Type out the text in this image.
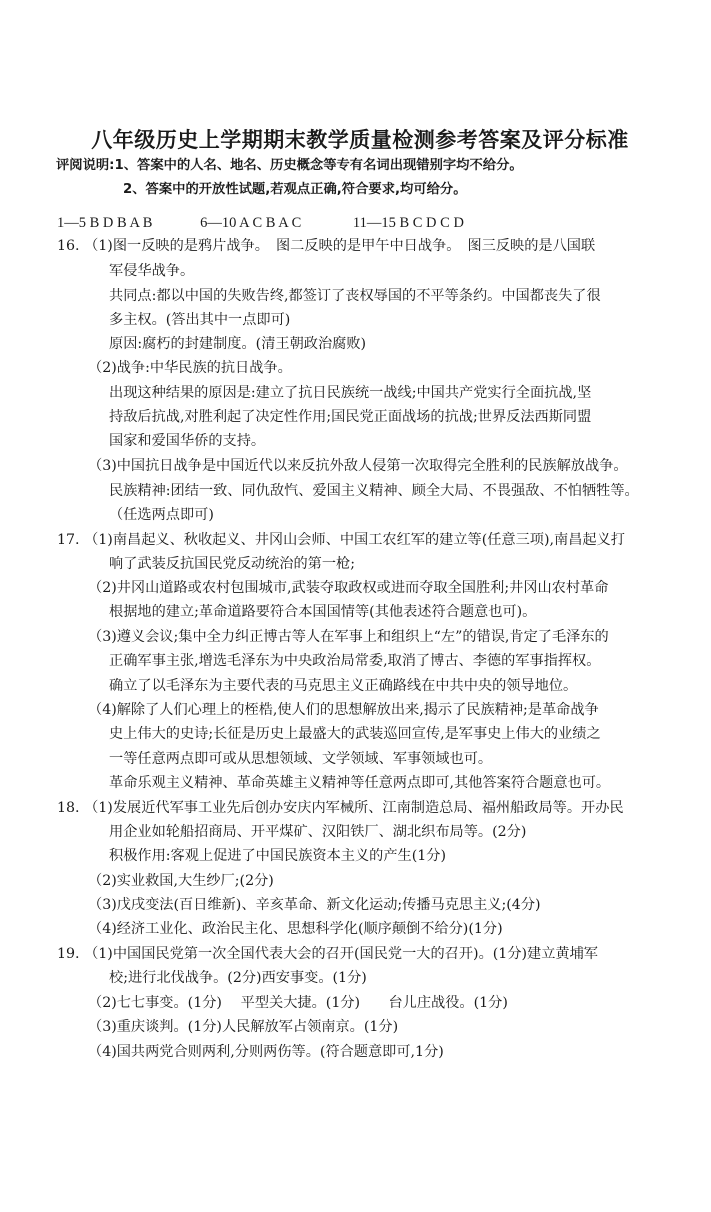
八年级历史上学期期末教学质量检测参考答案及评分标准
评阅说明:1、答案中的人名、地名、历史概念等专有名词出现错别字均不给分。
2、答案中的开放性试题,若观点正确,符合要求,均可给分。
1—5 B D B A B	6—10 A C B A C	11—15 B C D C D
16. （1)图一反映的是鸦片战争。　图二反映的是甲午中日战争。　图三反映的是八国联
军侵华战争。
共同点:都以中国的失败告终,都签订了丧权辱国的不平等条约。中国都丧失了很
多主权。(答出其中一点即可)
原因:腐朽的封建制度。(清王朝政治腐败)
（2)战争:中华民族的抗日战争。
出现这种结果的原因是:建立了抗日民族统一战线;中国共产党实行全面抗战,坚
持敌后抗战,对胜利起了决定性作用;国民党正面战场的抗战;世界反法西斯同盟
国家和爱国华侨的支持。
（3)中国抗日战争是中国近代以来反抗外敌人侵第一次取得完全胜利的民族解放战争。
民族精神:团结一致、同仇敌忾、爱国主义精神、顾全大局、不畏强敌、不怕牺牲等。
（任选两点即可)
17. （1)南昌起义、秋收起义、井冈山会师、中国工农红军的建立等(任意三项),南昌起义打
响了武装反抗国民党反动统治的第一枪;
（2)井冈山道路或农村包围城市,武装夺取政权或进而夺取全国胜利;井冈山农村革命
根据地的建立;革命道路要符合本国国情等(其他表述符合题意也可)。
（3)遵义会议;集中全力纠正博古等人在军事上和组织上“左”的错误,肯定了毛泽东的
正确军事主张,增选毛泽东为中央政治局常委,取消了博古、李德的军事指挥权。
确立了以毛泽东为主要代表的马克思主义正确路线在中共中央的领导地位。
（4)解除了人们心理上的桎梏,使人们的思想解放出来,揭示了民族精神;是革命战争
史上伟大的史诗;长征是历史上最盛大的武装巡回宣传,是军事史上伟大的业绩之
一等任意两点即可或从思想领域、文学领域、军事领域也可。
革命乐观主义精神、革命英雄主义精神等任意两点即可,其他答案符合题意也可。
18. （1)发展近代军事工业先后创办安庆内军械所、江南制造总局、福州船政局等。开办民
用企业如轮船招商局、开平煤矿、汉阳铁厂、湖北织布局等。(2分)
积极作用:客观上促进了中国民族资本主义的产生(1分)
（2)实业救国,大生纱厂;(2分)
（3)戊戌变法(百日维新)、辛亥革命、新文化运动;传播马克思主义;(4分)
（4)经济工业化、政治民主化、思想科学化(顺序颠倒不给分)(1分)
19. （1)中国国民党第一次全国代表大会的召开(国民党一大的召开)。(1分)建立黄埔军
校;进行北伐战争。(2分)西安事变。(1分)
（2)七七事变。(1分)　 平型关大捷。(1分)　　台儿庄战役。(1分)
（3)重庆谈判。(1分)人民解放军占领南京。(1分)
（4)国共两党合则两利,分则两伤等。(符合题意即可,1分)
